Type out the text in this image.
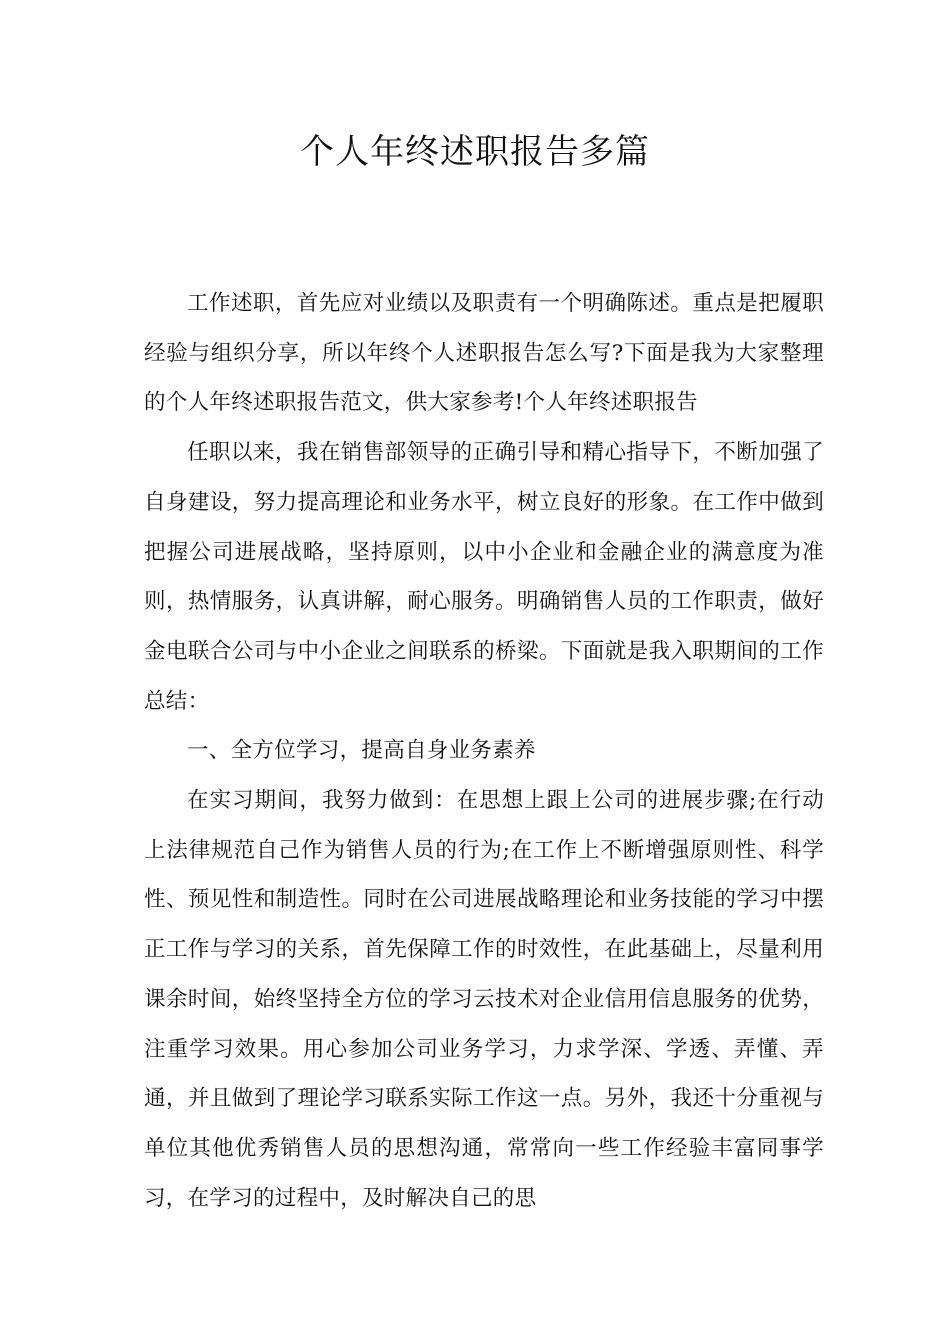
个人年终述职报告多篇

工作述职，首先应对业绩以及职责有一个明确陈述。重点是把履职经验与组织分享，所以年终个人述职报告怎么写?下面是我为大家整理的个人年终述职报告范文，供大家参考!个人年终述职报告

任职以来，我在销售部领导的正确引导和精心指导下，不断加强了自身建设，努力提高理论和业务水平，树立良好的形象。在工作中做到把握公司进展战略，坚持原则，以中小企业和金融企业的满意度为准则，热情服务，认真讲解，耐心服务。明确销售人员的工作职责，做好金电联合公司与中小企业之间联系的桥梁。下面就是我入职期间的工作总结：

一、全方位学习，提高自身业务素养

在实习期间，我努力做到：在思想上跟上公司的进展步骤;在行动上法律规范自己作为销售人员的行为;在工作上不断增强原则性、科学性、预见性和制造性。同时在公司进展战略理论和业务技能的学习中摆正工作与学习的关系，首先保障工作的时效性，在此基础上，尽量利用课余时间，始终坚持全方位的学习云技术对企业信用信息服务的优势，注重学习效果。用心参加公司业务学习，力求学深、学透、弄懂、弄通，并且做到了理论学习联系实际工作这一点。另外，我还十分重视与单位其他优秀销售人员的思想沟通，常常向一些工作经验丰富同事学习，在学习的过程中，及时解决自己的思
